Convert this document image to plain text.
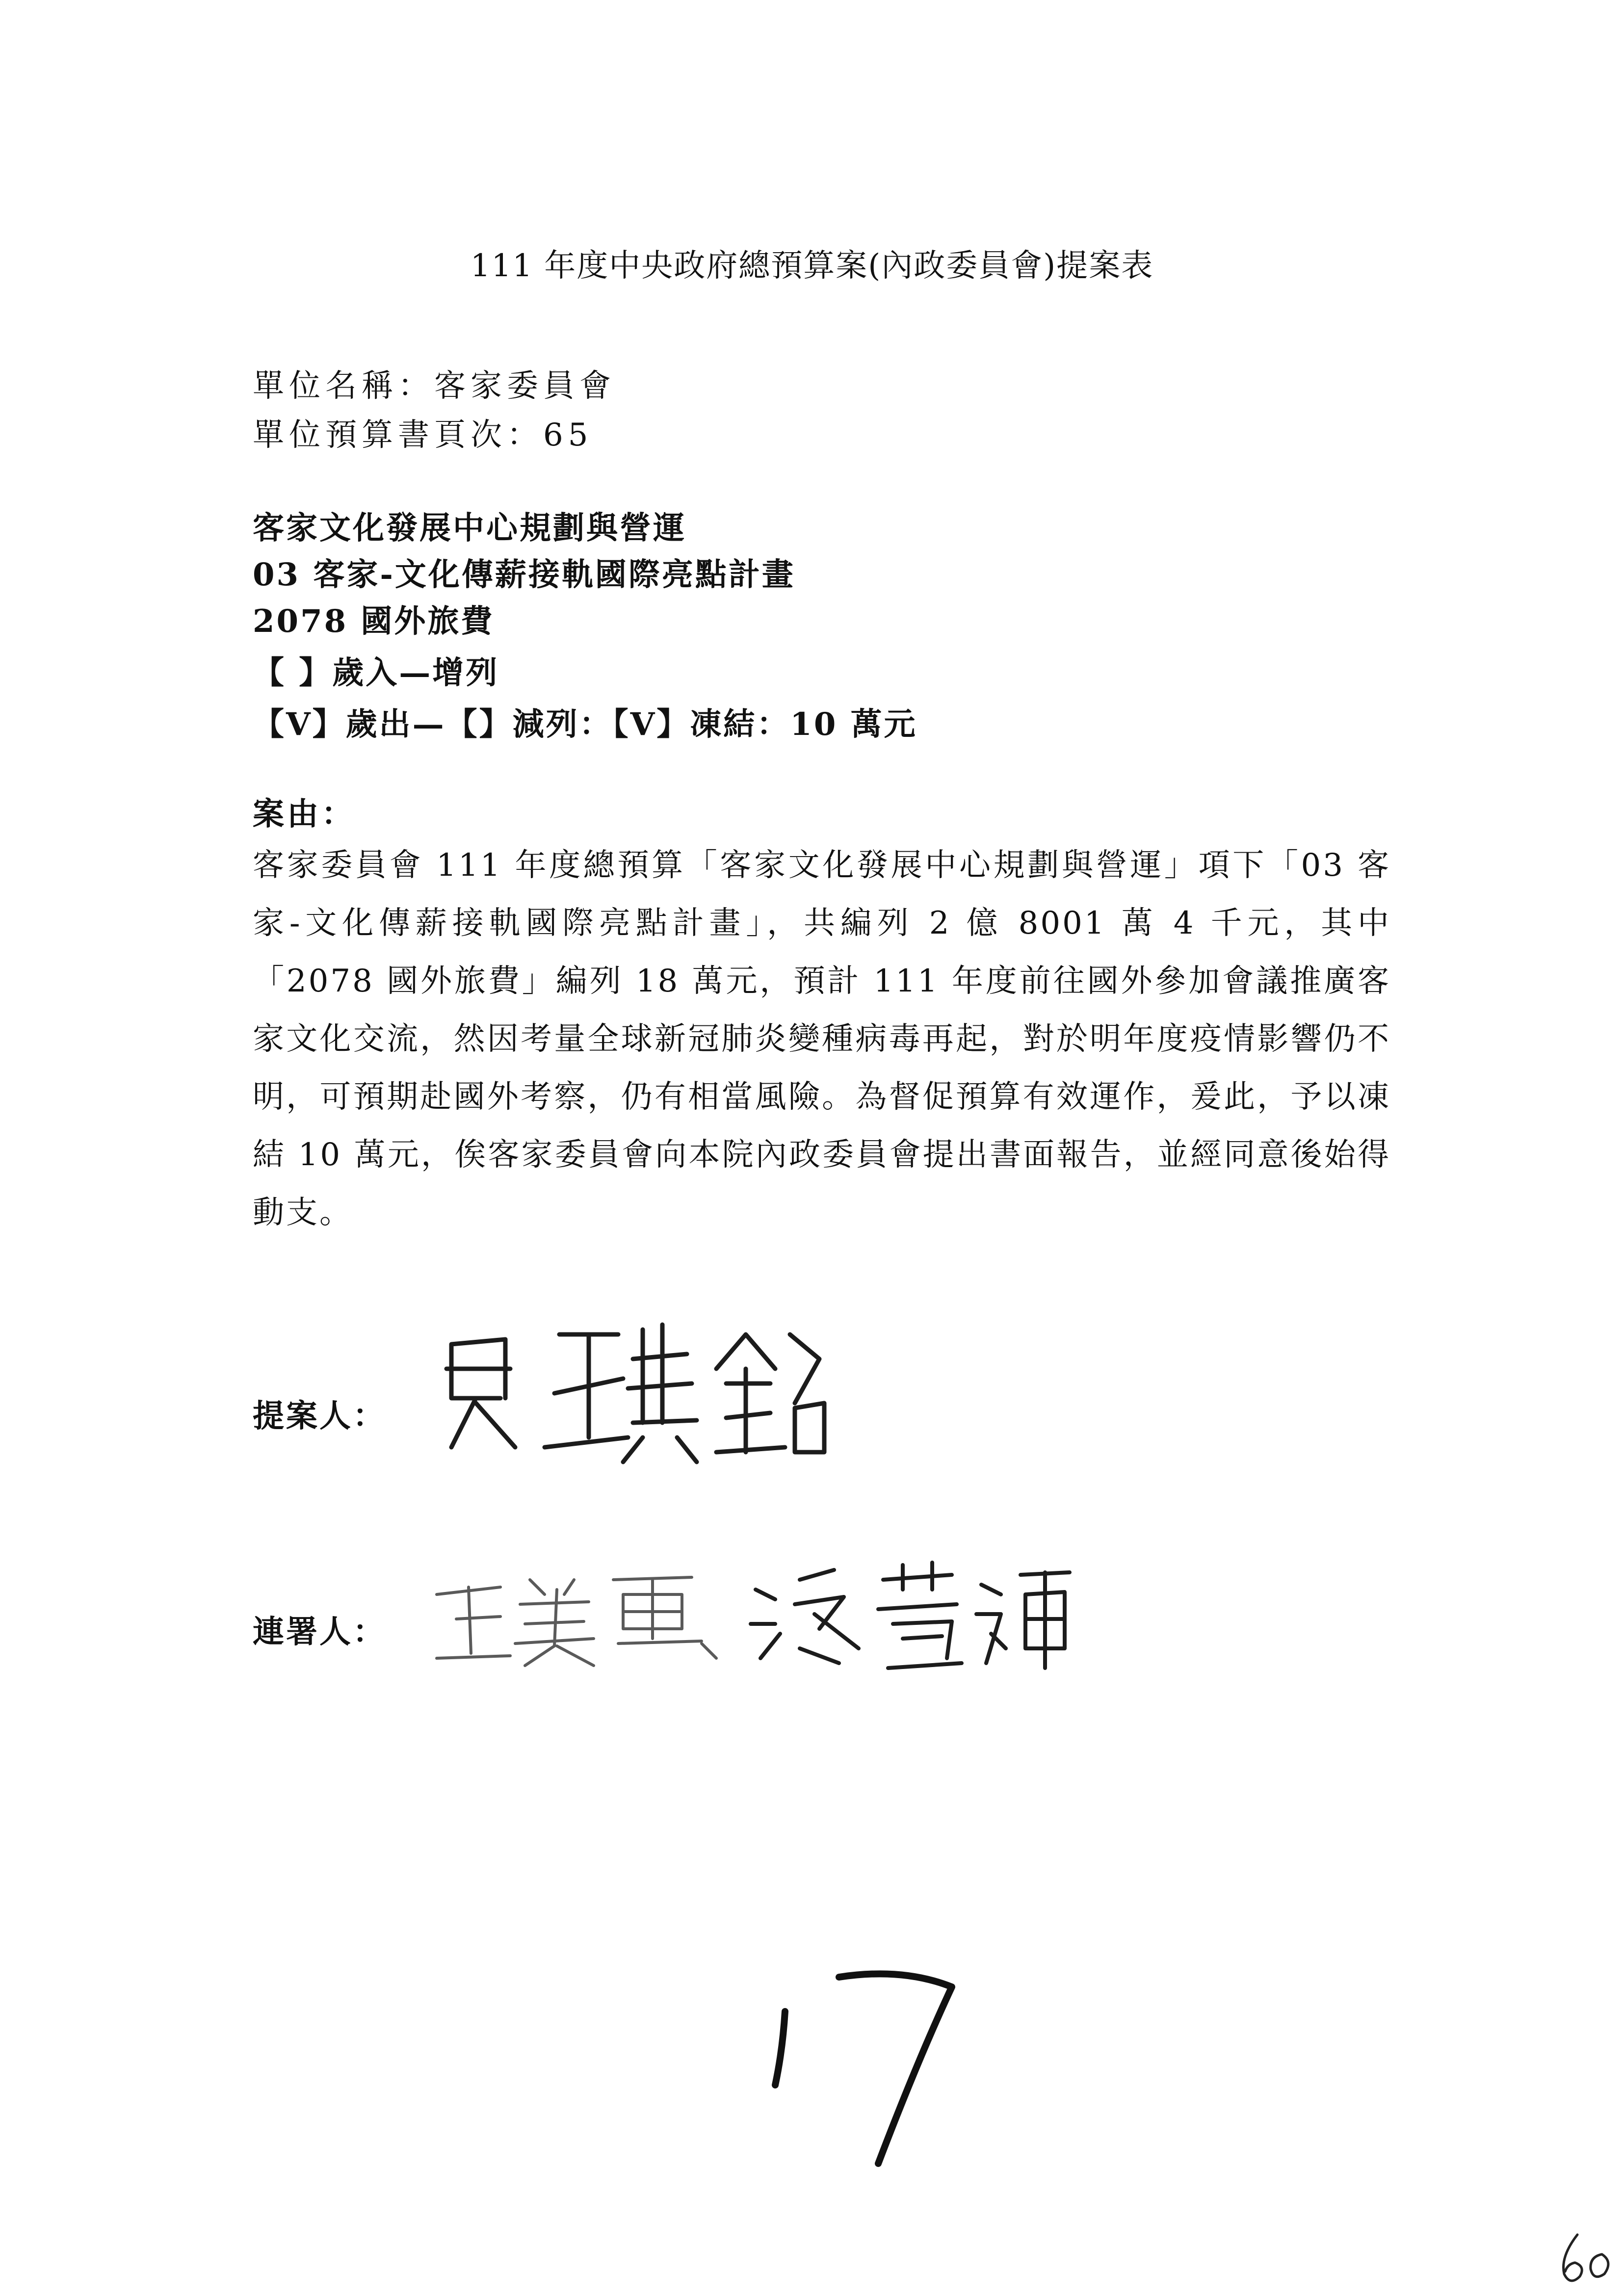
111 年度中央政府總預算案(內政委員會)提案表
單位名稱：客家委員會
單位預算書頁次：65
客家文化發展中心規劃與營運
03 客家-文化傳薪接軌國際亮點計畫
2078 國外旅費
【 】歲入—增列
【V】歲出—【】減列：【V】凍結：10 萬元
案由：
客家委員會 111 年度總預算「客家文化發展中心規劃與營運」項下「03 客家-文化傳薪接軌國際亮點計畫」，共編列 2 億 8001 萬 4 千元，其中「2078 國外旅費」編列 18 萬元，預計 111 年度前往國外參加會議推廣客家文化交流，然因考量全球新冠肺炎變種病毒再起，對於明年度疫情影響仍不明，可預期赴國外考察，仍有相當風險。為督促預算有效運作，爰此，予以凍結 10 萬元，俟客家委員會向本院內政委員會提出書面報告，並經同意後始得動支。
提案人：
連署人：
